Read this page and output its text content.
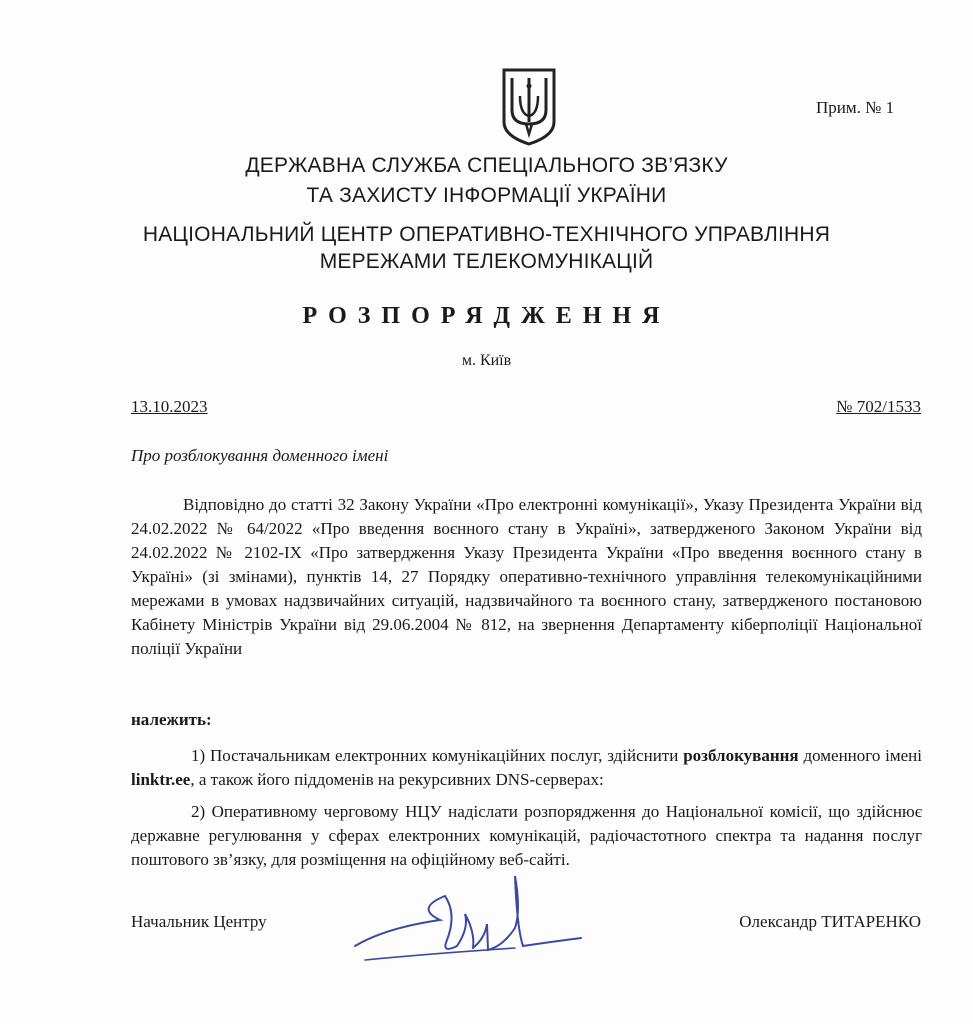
Прим. № 1
ДЕРЖАВНА СЛУЖБА СПЕЦІАЛЬНОГО ЗВ’ЯЗКУ
ТА ЗАХИСТУ ІНФОРМАЦІЇ УКРАЇНИ
НАЦІОНАЛЬНИЙ ЦЕНТР ОПЕРАТИВНО-ТЕХНІЧНОГО УПРАВЛІННЯ
МЕРЕЖАМИ ТЕЛЕКОМУНІКАЦІЙ
РОЗПОРЯДЖЕННЯ
м. Київ
13.10.2023	№ 702/1533
Про розблокування доменного імені
Відповідно до статті 32 Закону України «Про електронні комунікації», Указу Президента України від 24.02.2022 № 64/2022 «Про введення воєнного стану в Україні», затвердженого Законом України від 24.02.2022 № 2102-IX «Про затвердження Указу Президента України «Про введення воєнного стану в Україні» (зі змінами), пунктів 14, 27 Порядку оперативно-технічного управління телекомунікаційними мережами в умовах надзвичайних ситуацій, надзвичайного та воєнного стану, затвердженого постановою Кабінету Міністрів України від 29.06.2004 № 812, на звернення Департаменту кіберполіції Національної поліції України
належить:
1) Постачальникам електронних комунікаційних послуг, здійснити розблокування доменного імені linktr.ee, а також його піддоменів на рекурсивних DNS-серверах:
2) Оперативному черговому НЦУ надіслати розпорядження до Національної комісії, що здійснює державне регулювання у сферах електронних комунікацій, радіочастотного спектра та надання послуг поштового зв’язку, для розміщення на офіційному веб-сайті.
Начальник Центру	Олександр ТИТАРЕНКО
